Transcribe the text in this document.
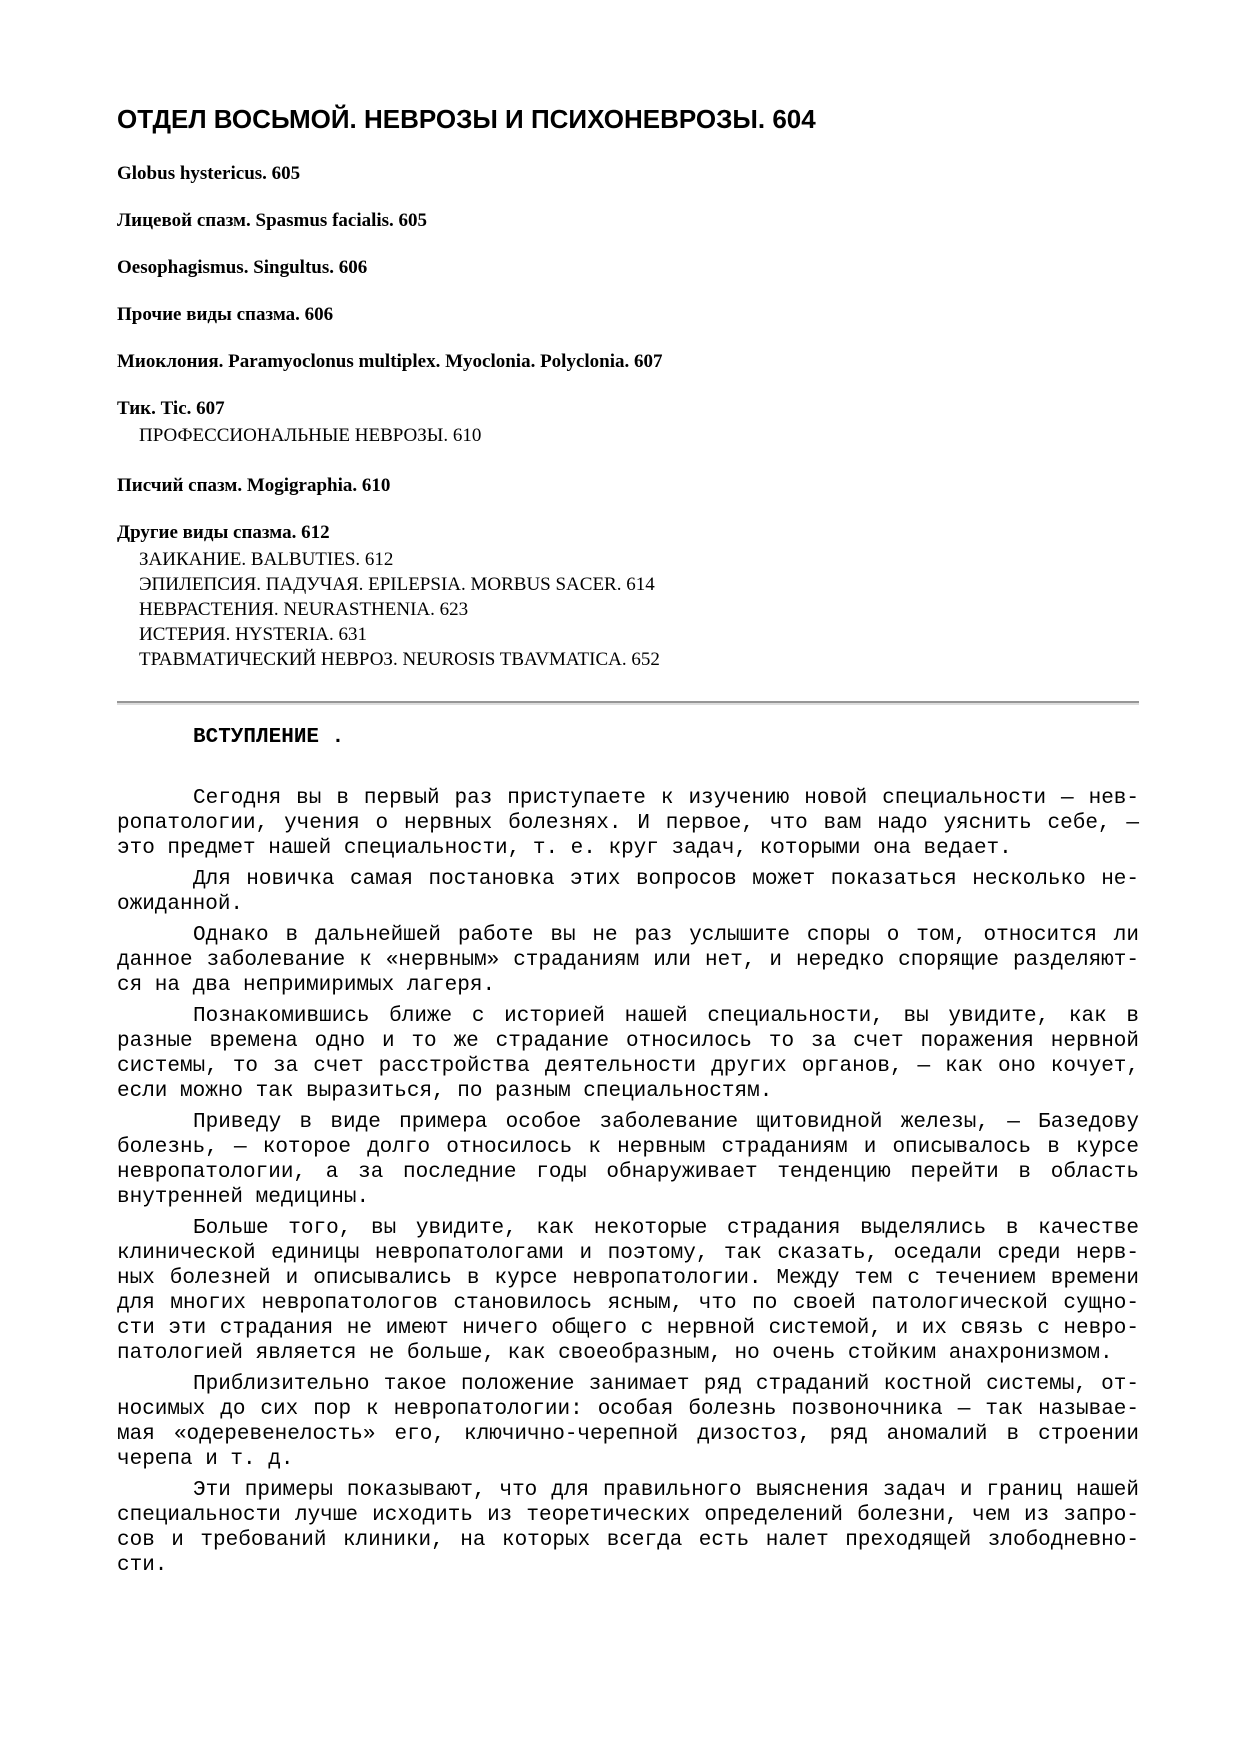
ОТДЕЛ ВОСЬМОЙ. НЕВРОЗЫ И ПСИХОНЕВРОЗЫ. 604
Globus hystericus. 605
Лицевой спазм. Spasmus facialis. 605
Oesophagismus. Singultus. 606
Прочие виды спазма. 606
Миоклония. Paramyoclonus multiplex. Myoclonia. Polyclonia. 607
Тик. Tic. 607
ПРОФЕССИОНАЛЬНЫЕ НЕВРОЗЫ. 610
Писчий спазм. Mogigraphia. 610
Другие виды спазма. 612
ЗАИКАНИЕ. BALBUTIES. 612
ЭПИЛЕПСИЯ. ПАДУЧАЯ. EPILEPSIA. MORBUS SACER. 614
НЕВРАСТЕНИЯ. NEURASTHENIA. 623
ИСТЕРИЯ. HYSTERIA. 631
ТРАВМАТИЧЕСКИЙ НЕВРОЗ. NEUROSIS TBAVMATICA. 652
ВСТУПЛЕНИЕ .
Сегодня вы в первый раз приступаете к изучению новой специальности — нев-
ропатологии, учения о нервных болезнях. И первое, что вам надо уяснить себе, —
это предмет нашей специальности, т. е. круг задач, которыми она ведает.
Для новичка самая постановка этих вопросов может показаться несколько не-
ожиданной.
Однако в дальнейшей работе вы не раз услышите споры о том, относится ли
данное заболевание к «нервным» страданиям или нет, и нередко спорящие разделяют-
ся на два непримиримых лагеря.
Познакомившись ближе с историей нашей специальности, вы увидите, как в
разные времена одно и то же страдание относилось то за счет поражения нервной
системы, то за счет расстройства деятельности других органов, — как оно кочует,
если можно так выразиться, по разным специальностям.
Приведу в виде примера особое заболевание щитовидной железы, — Базедову
болезнь, — которое долго относилось к нервным страданиям и описывалось в курсе
невропатологии, а за последние годы обнаруживает тенденцию перейти в область
внутренней медицины.
Больше того, вы увидите, как некоторые страдания выделялись в качестве
клинической единицы невропатологами и поэтому, так сказать, оседали среди нерв-
ных болезней и описывались в курсе невропатологии. Между тем с течением времени
для многих невропатологов становилось ясным, что по своей патологической сущно-
сти эти страдания не имеют ничего общего с нервной системой, и их связь с невро-
патологией является не больше, как своеобразным, но очень стойким анахронизмом.
Приблизительно такое положение занимает ряд страданий костной системы, от-
носимых до сих пор к невропатологии: особая болезнь позвоночника — так называе-
мая «одеревенелость» его, ключично-черепной дизостоз, ряд аномалий в строении
черепа и т. д.
Эти примеры показывают, что для правильного выяснения задач и границ нашей
специальности лучше исходить из теоретических определений болезни, чем из запро-
сов и требований клиники, на которых всегда есть налет преходящей злободневно-
сти.
